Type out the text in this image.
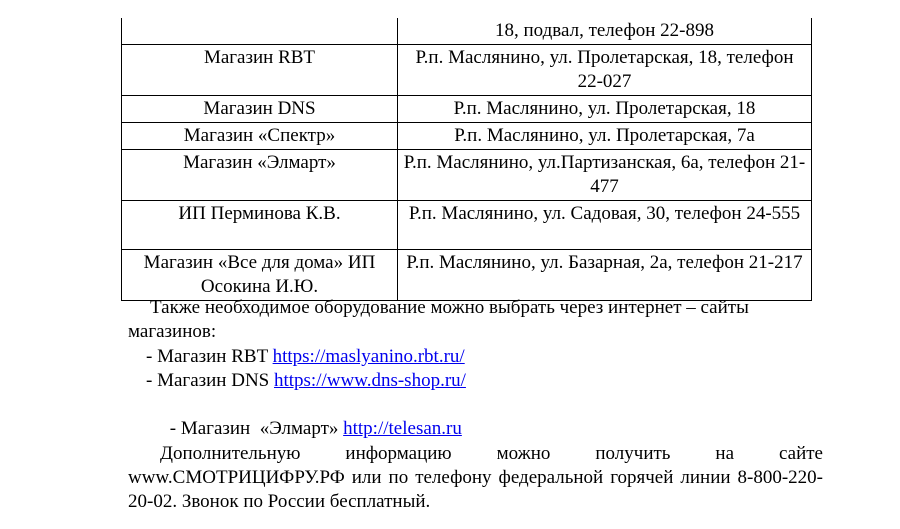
	18, подвал, телефон 22-898
Магазин RBT	Р.п. Маслянино, ул. Пролетарская, 18, телефон 22-027
Магазин DNS	Р.п. Маслянино, ул. Пролетарская, 18
Магазин «Спектр»	Р.п. Маслянино, ул. Пролетарская, 7а
Магазин «Элмарт»	Р.п. Маслянино, ул.Партизанская, 6а, телефон 21-477
ИП Перминова К.В.	Р.п. Маслянино, ул. Садовая, 30, телефон 24-555
Магазин «Все для дома» ИП Осокина И.Ю.	Р.п. Маслянино, ул. Базарная, 2а, телефон 21-217
Также необходимое оборудование можно выбрать через интернет – сайты магазинов:
- Магазин RBT https://maslyanino.rbt.ru/
- Магазин DNS https://www.dns-shop.ru/

- Магазин  «Элмарт» http://telesan.ru

Дополнительную информацию можно получить на сайте
www.СМОТРИЦИФРУ.РФ или по телефону федеральной горячей линии 8-800-220-20-02. Звонок по России бесплатный.
